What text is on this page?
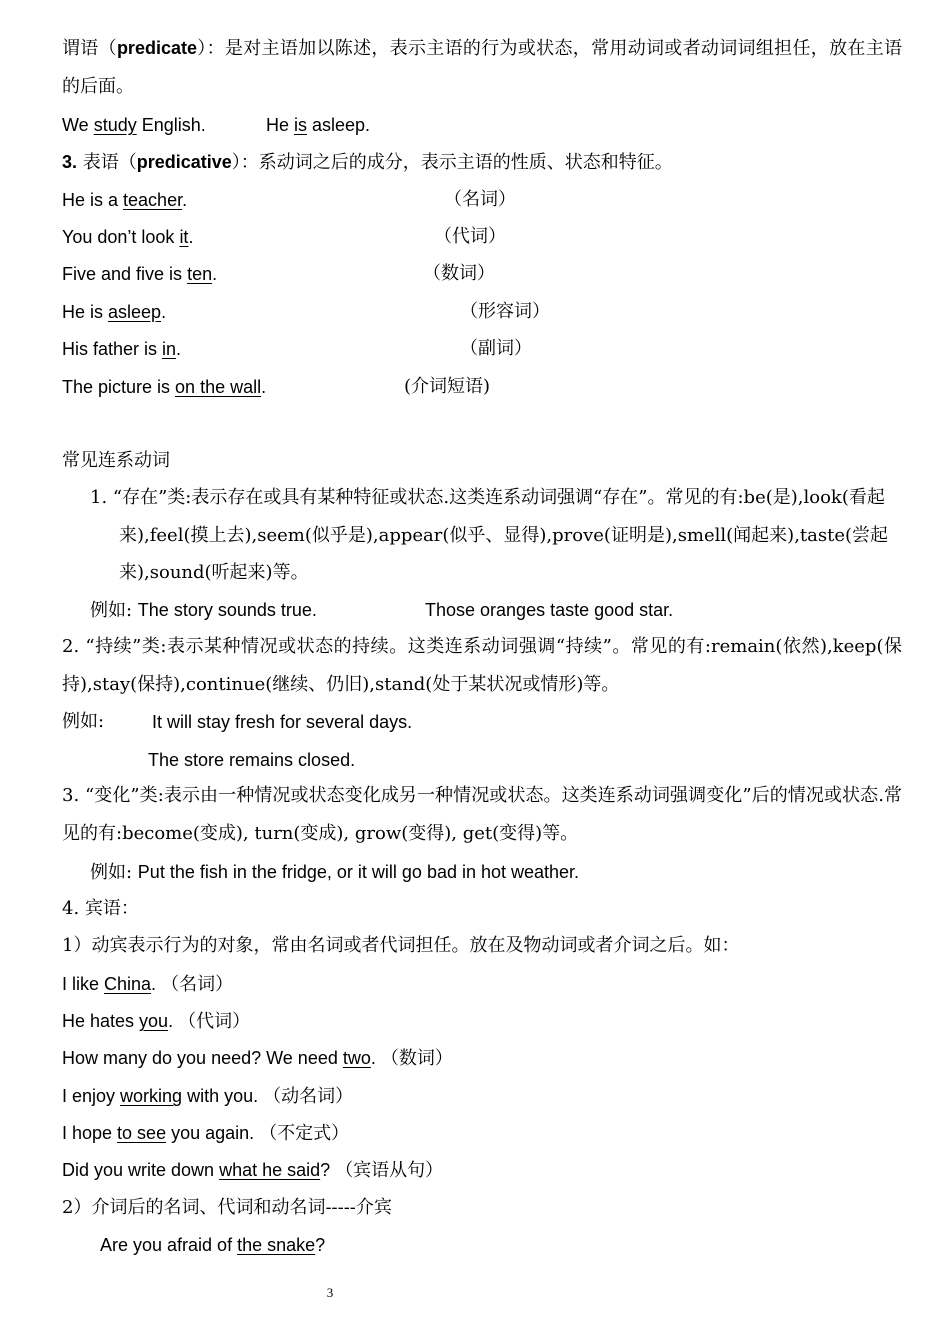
谓语（predicate）：是对主语加以陈述，表示主语的行为或状态，常用动词或者动词词组担任，放在主语的后面。
We study English.	He is asleep.
3. 表语（predicative）：系动词之后的成分，表示主语的性质、状态和特征。
He is a teacher.	（名词）
You don’t look it.	（代词）
Five and five is ten.	（数词）
He is asleep.	（形容词）
His father is in.	（副词）
The picture is on the wall.	(介词短语)
常见连系动词
1. “存在”类:表示存在或具有某种特征或状态.这类连系动词强调“存在”。常见的有:be(是),look(看起来),feel(摸上去),seem(似乎是),appear(似乎、显得),prove(证明是),smell(闻起来),taste(尝起来),sound(听起来)等。
例如: The story sounds true.	Those oranges taste good star.
2. “持续”类:表示某种情况或状态的持续。这类连系动词强调“持续”。常见的有:remain(依然),keep(保持),stay(保持),continue(继续、仍旧),stand(处于某状况或情形)等。
例如:	It will stay fresh for several days.
The store remains closed.
3. “变化”类:表示由一种情况或状态变化成另一种情况或状态。这类连系动词强调变化”后的情况或状态.常见的有:become(变成), turn(变成), grow(变得), get(变得)等。
例如: Put the fish in the fridge, or it will go bad in hot weather.
4. 宾语：
1）动宾表示行为的对象，常由名词或者代词担任。放在及物动词或者介词之后。如：
I like China. （名词）
He hates you. （代词）
How many do you need? We need two. （数词）
I enjoy working with you. （动名词）
I hope to see you again. （不定式）
Did you write down what he said? （宾语从句）
2）介词后的名词、代词和动名词-----介宾
Are you afraid of the snake?
3
